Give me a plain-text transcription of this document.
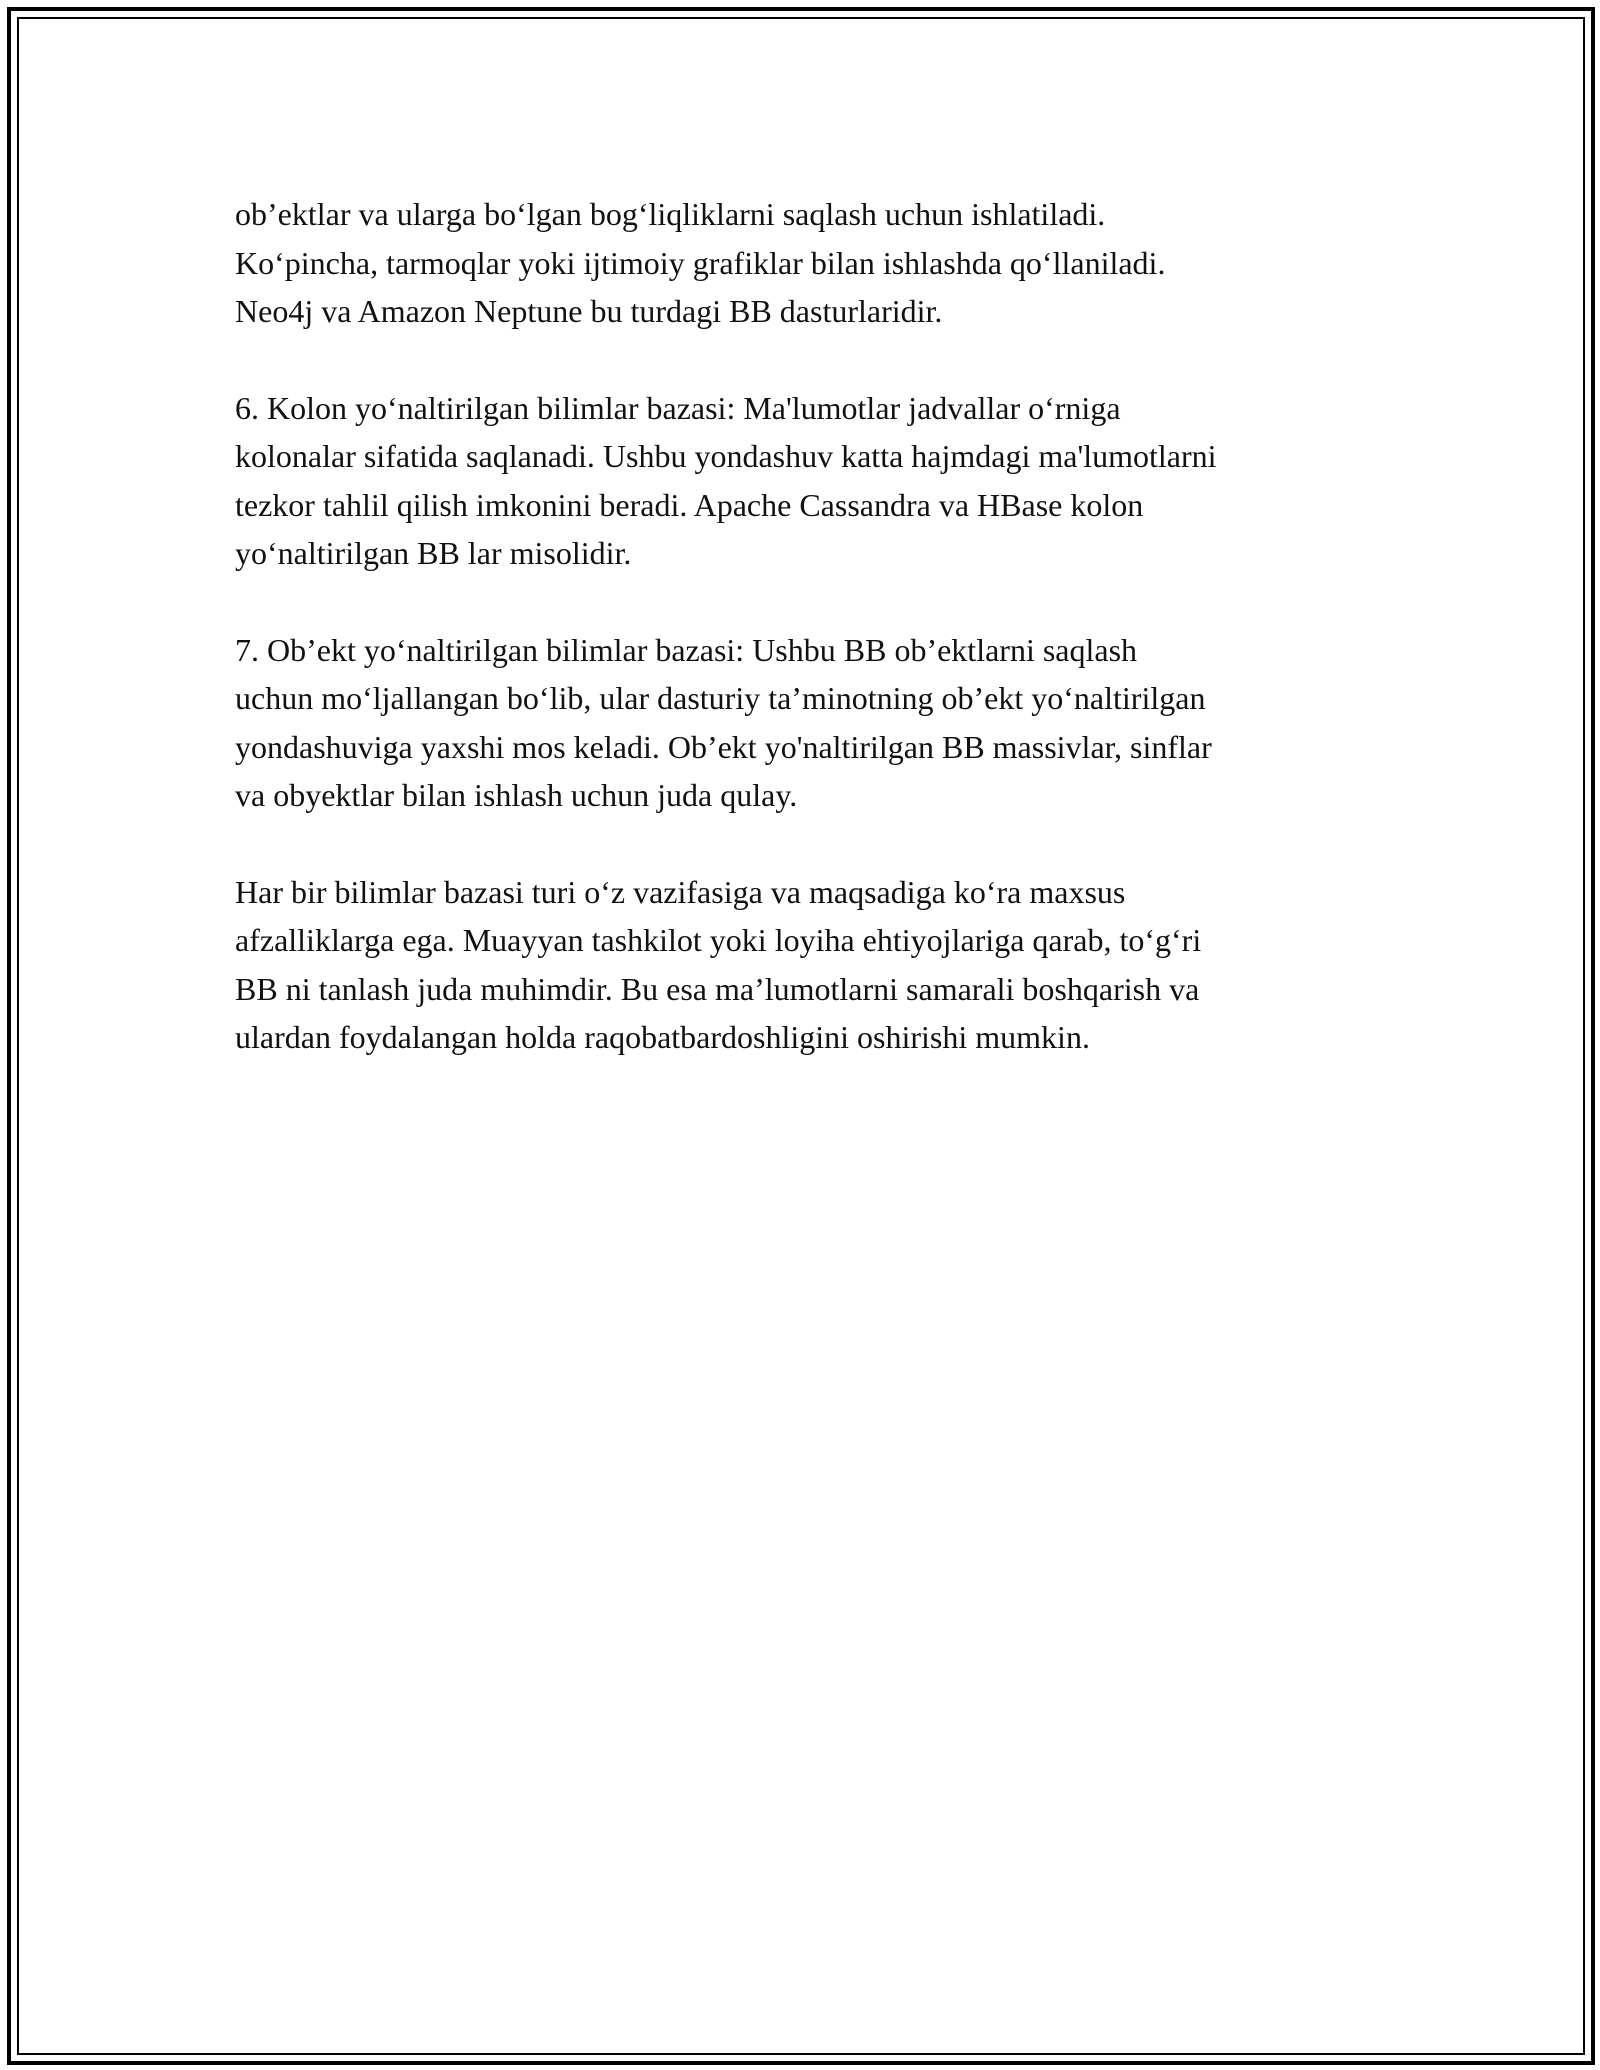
ob’ektlar va ularga bo‘lgan bog‘liqliklarni saqlash uchun ishlatiladi.
Ko‘pincha, tarmoqlar yoki ijtimoiy grafiklar bilan ishlashda qo‘llaniladi.
Neo4j va Amazon Neptune bu turdagi BB dasturlaridir.

6. Kolon yo‘naltirilgan bilimlar bazasi: Ma'lumotlar jadvallar o‘rniga
kolonalar sifatida saqlanadi. Ushbu yondashuv katta hajmdagi ma'lumotlarni
tezkor tahlil qilish imkonini beradi. Apache Cassandra va HBase kolon
yo‘naltirilgan BB lar misolidir.

7. Ob’ekt yo‘naltirilgan bilimlar bazasi: Ushbu BB ob’ektlarni saqlash
uchun mo‘ljallangan bo‘lib, ular dasturiy ta’minotning ob’ekt yo‘naltirilgan
yondashuviga yaxshi mos keladi. Ob’ekt yo'naltirilgan BB massivlar, sinflar
va obyektlar bilan ishlash uchun juda qulay.

Har bir bilimlar bazasi turi o‘z vazifasiga va maqsadiga ko‘ra maxsus
afzalliklarga ega. Muayyan tashkilot yoki loyiha ehtiyojlariga qarab, to‘g‘ri
BB ni tanlash juda muhimdir. Bu esa ma’lumotlarni samarali boshqarish va
ulardan foydalangan holda raqobatbardoshligini oshirishi mumkin.
